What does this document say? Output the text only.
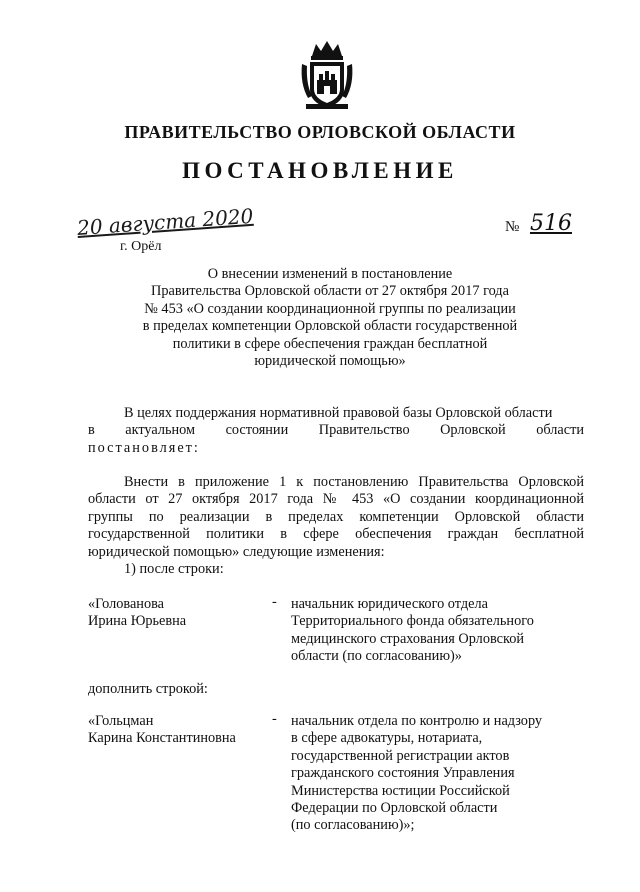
ПРАВИТЕЛЬСТВО ОРЛОВСКОЙ ОБЛАСТИ
ПОСТАНОВЛЕНИЕ
20 августа 2020	№ 516
г. Орёл
О внесении изменений в постановление
Правительства Орловской области от 27 октября 2017 года
№ 453 «О создании координационной группы по реализации
в пределах компетенции Орловской области государственной
политики в сфере обеспечения граждан бесплатной
юридической помощью»
В целях поддержания нормативной правовой базы Орловской области
в актуальном состоянии Правительство Орловской области
постановляет:
Внести в приложение 1 к постановлению Правительства Орловской
области от 27 октября 2017 года № 453 «О создании координационной
группы по реализации в пределах компетенции Орловской области
государственной политики в сфере обеспечения граждан бесплатной
юридической помощью» следующие изменения:
1) после строки:
«Голованова
Ирина Юрьевна
- начальник юридического отдела
Территориального фонда обязательного
медицинского страхования Орловской
области (по согласованию)»
дополнить строкой:
«Гольцман
Карина Константиновна
- начальник отдела по контролю и надзору
в сфере адвокатуры, нотариата,
государственной регистрации актов
гражданского состояния Управления
Министерства юстиции Российской
Федерации по Орловской области
(по согласованию)»;
